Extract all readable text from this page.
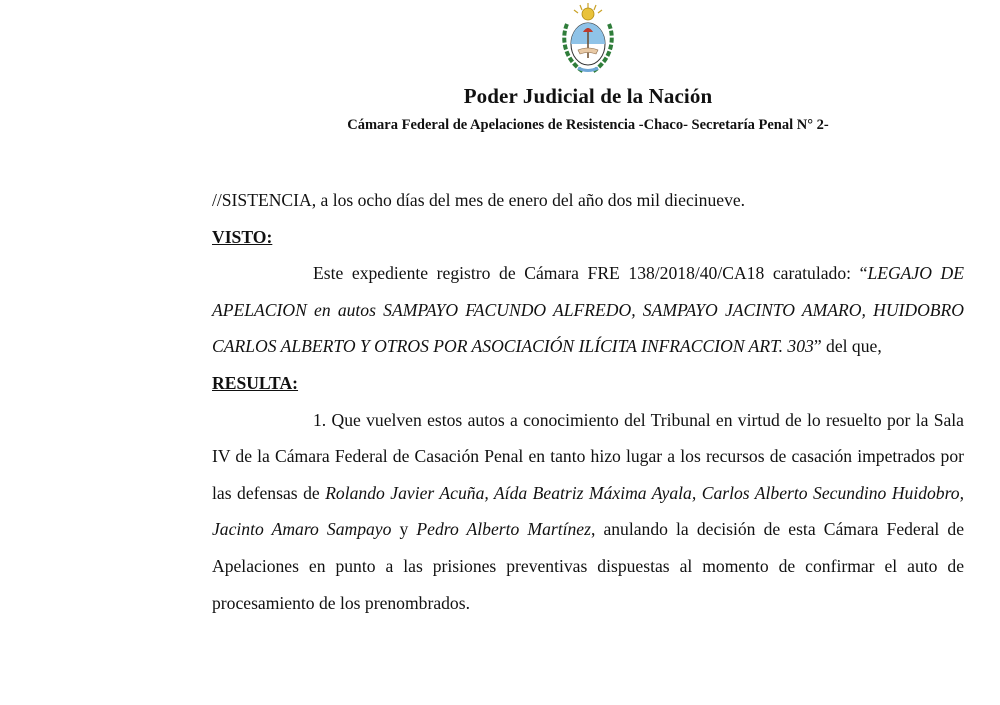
Poder Judicial de la Nación
Cámara Federal de Apelaciones de Resistencia -Chaco- Secretaría Penal N° 2-

//SISTENCIA, a los ocho días del mes de enero del año dos mil diecinueve.

VISTO:

Este expediente registro de Cámara FRE 138/2018/40/CA18 caratulado: “LEGAJO DE APELACION en autos SAMPAYO FACUNDO ALFREDO, SAMPAYO JACINTO AMARO, HUIDOBRO CARLOS ALBERTO Y OTROS POR ASOCIACIÓN ILÍCITA INFRACCION ART. 303” del que,

RESULTA:

1. Que vuelven estos autos a conocimiento del Tribunal en virtud de lo resuelto por la Sala IV de la Cámara Federal de Casación Penal en tanto hizo lugar a los recursos de casación impetrados por las defensas de Rolando Javier Acuña, Aída Beatriz Máxima Ayala, Carlos Alberto Secundino Huidobro, Jacinto Amaro Sampayo y Pedro Alberto Martínez, anulando la decisión de esta Cámara Federal de Apelaciones en punto a las prisiones preventivas dispuestas al momento de confirmar el auto de procesamiento de los prenombrados.
